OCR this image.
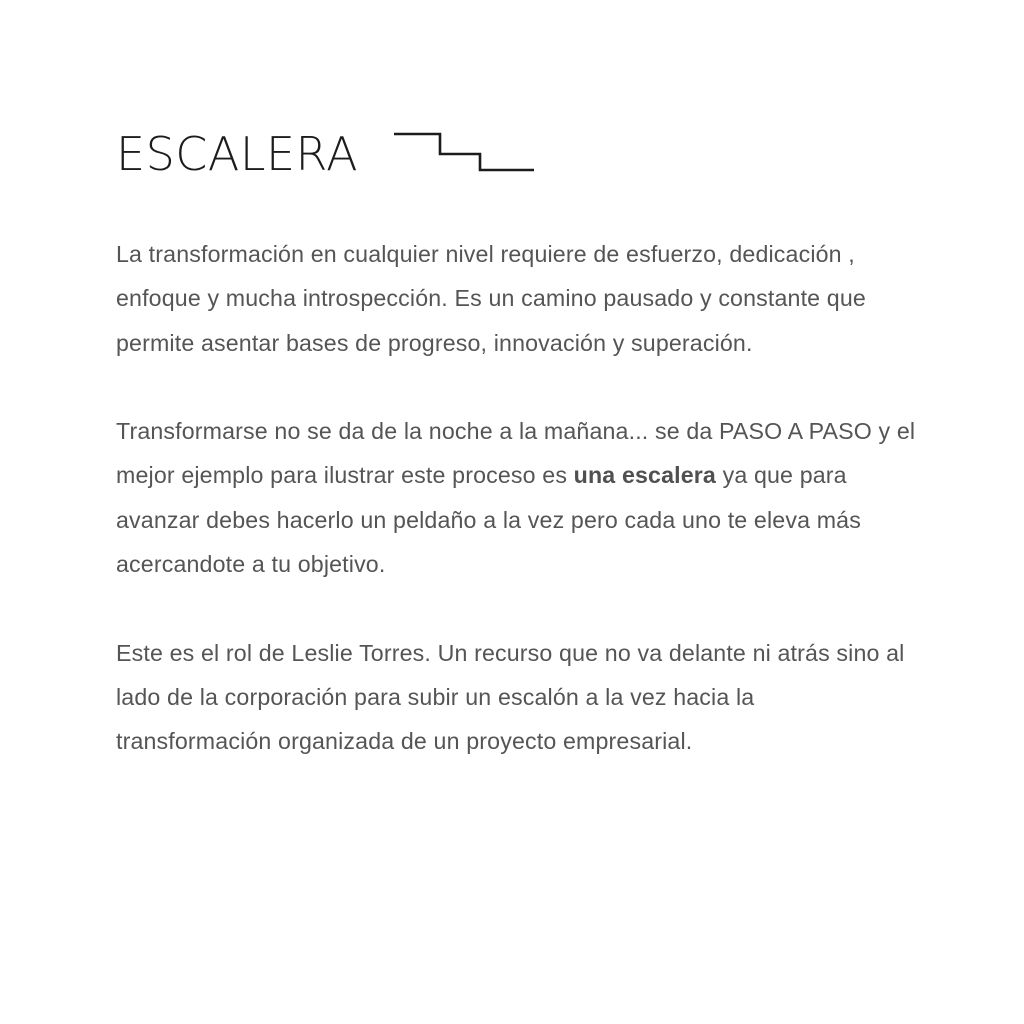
ESCALERA

La transformación en cualquier nivel requiere de esfuerzo, dedicación , enfoque y mucha introspección. Es un camino pausado y constante que permite asentar bases de progreso, innovación y superación.

Transformarse no se da de la noche a la mañana... se da PASO A PASO y el mejor ejemplo para ilustrar este proceso es una escalera ya que para avanzar debes hacerlo un peldaño a la vez pero cada uno te eleva más acercandote a tu objetivo.

Este es el rol de Leslie Torres. Un recurso que no va delante ni atrás sino al lado de la corporación para subir un escalón a la vez hacia la transformación organizada de un proyecto empresarial.
